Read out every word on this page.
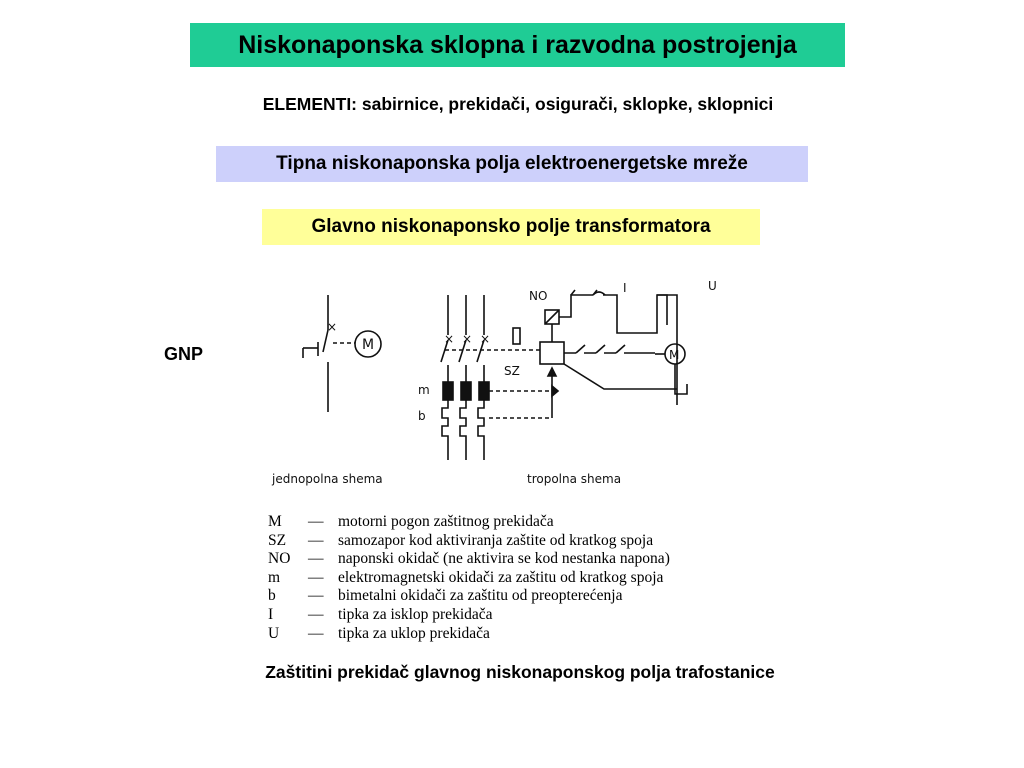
Niskonaponska sklopna i razvodna postrojenja
ELEMENTI: sabirnice, prekidači, osigurači, sklopke, sklopnici
Tipna niskonaponska polja elektroenergetske mreže
Glavno niskonaponsko polje transformatora
GNP
×
M	× × ×
NO
SZ
m
b
M
I	U
jednopolna shema	tropolna shema
M	— motorni pogon zaštitnog prekidača
SZ	— samozapor kod aktiviranja zaštite od kratkog spoja
NO	— naponski okidač (ne aktivira se kod nestanka napona)
m	— elektromagnetski okidači za zaštitu od kratkog spoja
b	— bimetalni okidači za zaštitu od preopterećenja
I	— tipka za isklop prekidača
U	— tipka za uklop prekidača
Zaštitini prekidač glavnog niskonaponskog polja trafostanice
